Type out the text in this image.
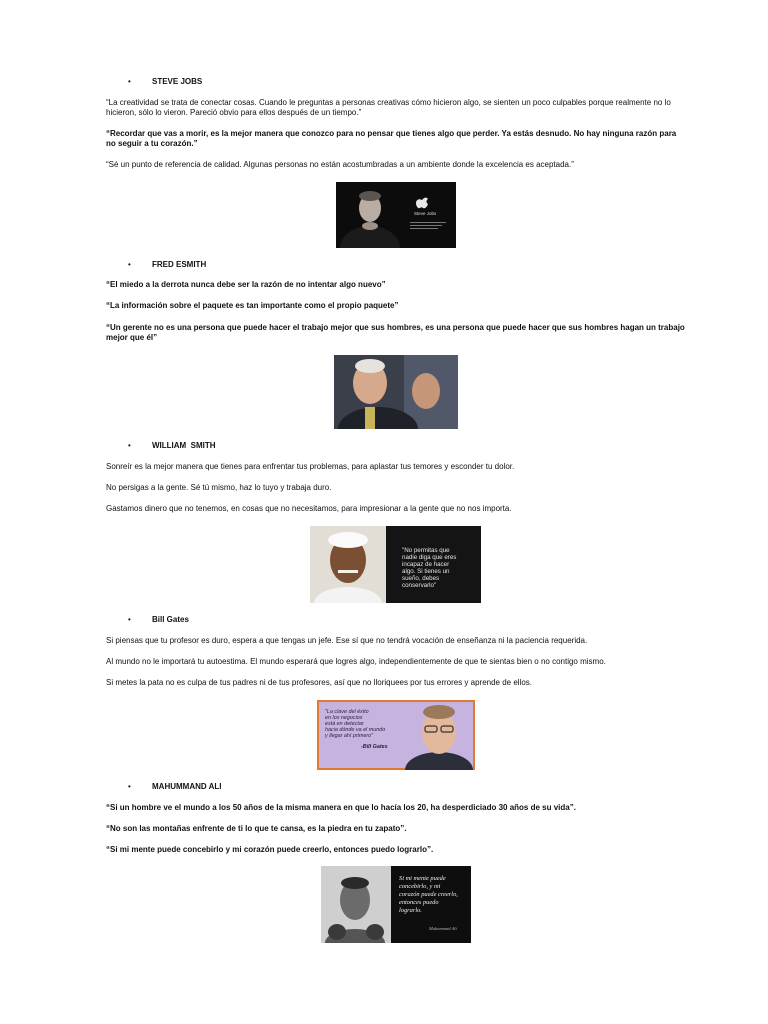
•	STEVE JOBS

“La creatividad se trata de conectar cosas. Cuando le preguntas a personas creativas cómo hicieron algo, se sienten un poco culpables porque realmente no lo hicieron, sólo lo vieron. Pareció obvio para ellos después de un tiempo.”

“Recordar que vas a morir, es la mejor manera que conozco para no pensar que tienes algo que perder. Ya estás desnudo. No hay ninguna razón para no seguir a tu corazón.”

“Sé un punto de referencia de calidad. Algunas personas no están acostumbradas a un ambiente donde la excelencia es aceptada.”

Steve Jobs
•	FRED ESMITH

“El miedo a la derrota nunca debe ser la razón de no intentar algo nuevo”

“La información sobre el paquete es tan importante como el propio paquete”

“Un gerente no es una persona que puede hacer el trabajo mejor que sus hombres, es una persona que puede hacer que sus hombres hagan un trabajo mejor que él”

•	WILLIAM  SMITH

Sonreír es la mejor manera que tienes para enfrentar tus problemas, para aplastar tus temores y esconder tu dolor.

No persigas a la gente. Sé tú mismo, haz lo tuyo y trabaja duro.

Gastamos dinero que no tenemos, en cosas que no necesitamos, para impresionar a la gente que no nos importa.

"No permitas que
nadie diga que eres
incapaz de hacer
algo. Si tienes un
sueño, debes
conservarlo"
•	Bill Gates

Si piensas que tu profesor es duro, espera a que tengas un jefe. Ese sí que no tendrá vocación de enseñanza ni la paciencia requerida.

Al mundo no le importará tu autoestima. El mundo esperará que logres algo, independientemente de que te sientas bien o no contigo mismo.

Si metes la pata no es culpa de tus padres ni de tus profesores, así que no lloriquees por tus errores y aprende de ellos.

"La clave del éxito
en los negocios
está en detectar
hacia dónde va el mundo
y llegar ahí primero"
-Bill Gates
•	MAHUMMAND ALI

“Si un hombre ve el mundo a los 50 años de la misma manera en que lo hacía los 20, ha desperdiciado 30 años de su vida”.

“No son las montañas enfrente de ti lo que te cansa, es la piedra en tu zapato”.

“Si mi mente puede concebirlo y mi corazón puede creerlo, entonces puedo lograrlo”.

Si mi mente puede
concebirlo, y mi
corazón puede creerlo,
entonces puedo
lograrlo.
Muhammad Ali
